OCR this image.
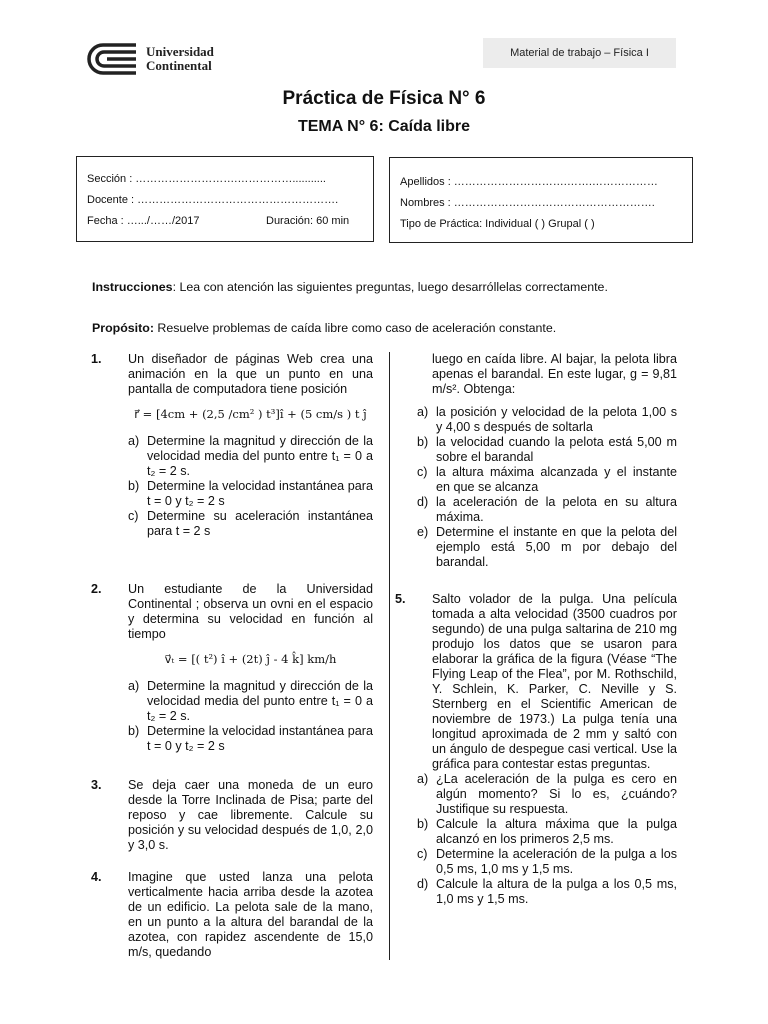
Universidad
Continental
Material de trabajo – Física I
Práctica de Física N° 6
TEMA N° 6: Caída libre
Sección : ……………………….……………...........
Docente : ……………………………………………….
Fecha : ….../……/2017	Duración: 60 min
Apellidos : ………………………….…….………………
Nombres : ……………………………………………….
Tipo de Práctica: Individual ( ) Grupal ( )
Instrucciones: Lea con atención las siguientes preguntas, luego desarróllelas correctamente.
Propósito: Resuelve problemas de caída libre como caso de aceleración constante.
1. Un diseñador de páginas Web crea una animación en la que un punto en una pantalla de computadora tiene posición

r⃗ = [4cm + (2,5 /cm² ) t³]î + (5 cm/s ) t ĵ
a) Determine la magnitud y dirección de la velocidad media del punto entre t₁ = 0 a t₂ = 2 s.
b) Determine la velocidad instantánea para t = 0 y t₂ = 2 s
c) Determine su aceleración instantánea para t = 2 s
2. Un estudiante de la Universidad Continental ; observa un ovni en el espacio y determina su velocidad en función al tiempo

v⃗ₜ = [( t²) î + (2t) ĵ - 4 k̂] km/h
a) Determine la magnitud y dirección de la velocidad media del punto entre t₁ = 0 a t₂ = 2 s.
b) Determine la velocidad instantánea para t = 0 y t₂ = 2 s
3. Se deja caer una moneda de un euro desde la Torre Inclinada de Pisa; parte del reposo y cae libremente. Calcule su posición y su velocidad después de 1,0, 2,0 y 3,0 s.

4. Imagine que usted lanza una pelota verticalmente hacia arriba desde la azotea de un edificio. La pelota sale de la mano, en un punto a la altura del barandal de la azotea, con rapidez ascendente de 15,0 m/s, quedando

luego en caída libre. Al bajar, la pelota libra apenas el barandal. En este lugar, g = 9,81 m/s². Obtenga:

a) la posición y velocidad de la pelota 1,00 s y 4,00 s después de soltarla
b) la velocidad cuando la pelota está 5,00 m sobre el barandal
c) la altura máxima alcanzada y el instante en que se alcanza
d) la aceleración de la pelota en su altura máxima.
e) Determine el instante en que la pelota del ejemplo está 5,00 m por debajo del barandal.
5. Salto volador de la pulga. Una película tomada a alta velocidad (3500 cuadros por segundo) de una pulga saltarina de 210 mg produjo los datos que se usaron para elaborar la gráfica de la figura (Véase “The Flying Leap of the Flea”, por M. Rothschild, Y. Schlein, K. Parker, C. Neville y S. Sternberg en el Scientific American de noviembre de 1973.) La pulga tenía una longitud aproximada de 2 mm y saltó con un ángulo de despegue casi vertical. Use la gráfica para contestar estas preguntas.

a) ¿La aceleración de la pulga es cero en algún momento? Si lo es, ¿cuándo? Justifique su respuesta.
b) Calcule la altura máxima que la pulga alcanzó en los primeros 2,5 ms.
c) Determine la aceleración de la pulga a los 0,5 ms, 1,0 ms y 1,5 ms.
d) Calcule la altura de la pulga a los 0,5 ms, 1,0 ms y 1,5 ms.
